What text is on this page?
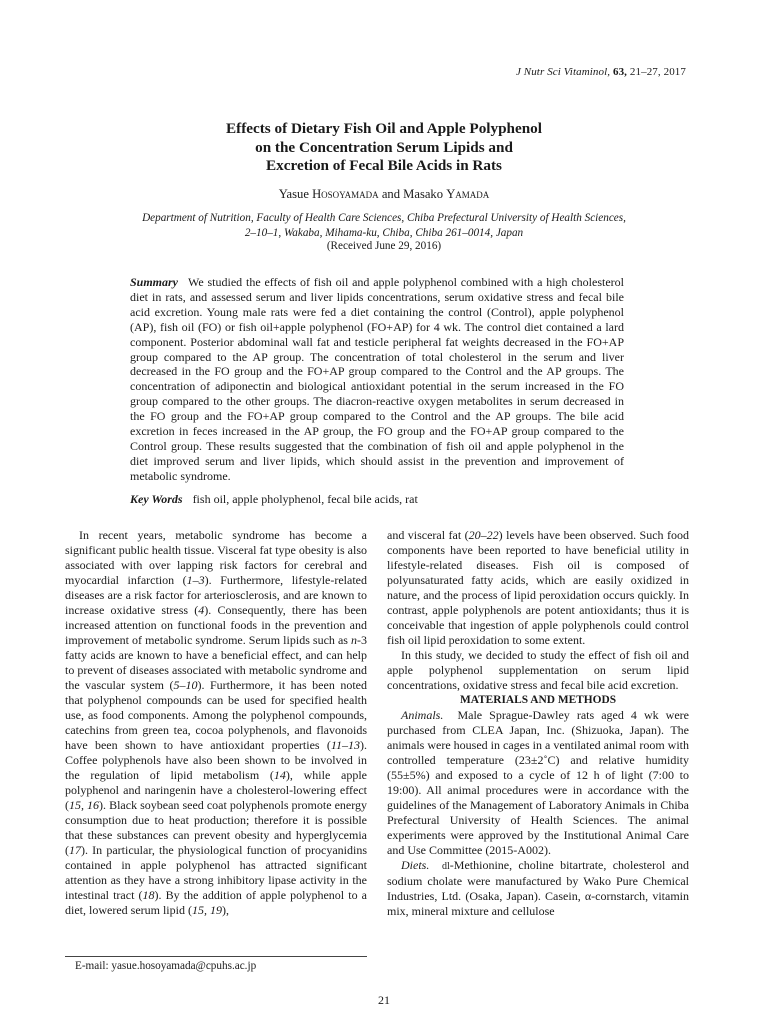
J Nutr Sci Vitaminol, 63, 21–27, 2017
Effects of Dietary Fish Oil and Apple Polyphenol
on the Concentration Serum Lipids and
Excretion of Fecal Bile Acids in Rats
Yasue Hosoyamada and Masako Yamada
Department of Nutrition, Faculty of Health Care Sciences, Chiba Prefectural University of Health Sciences,
2–10–1, Wakaba, Mihama-ku, Chiba, Chiba 261–0014, Japan
(Received June 29, 2016)
Summary We studied the effects of fish oil and apple polyphenol combined with a high cholesterol diet in rats, and assessed serum and liver lipids concentrations, serum oxidative stress and fecal bile acid excretion. Young male rats were fed a diet containing the control (Control), apple polyphenol (AP), fish oil (FO) or fish oil+apple polyphenol (FO+AP) for 4 wk. The control diet contained a lard component. Posterior abdominal wall fat and testicle peripheral fat weights decreased in the FO+AP group compared to the AP group. The concentration of total cholesterol in the serum and liver decreased in the FO group and the FO+AP group compared to the Control and the AP groups. The concentration of adiponectin and biological antioxidant potential in the serum increased in the FO group compared to the other groups. The diacron-reactive oxygen metabolites in serum decreased in the FO group and the FO+AP group compared to the Control and the AP groups. The bile acid excretion in feces increased in the AP group, the FO group and the FO+AP group compared to the Control group. These results suggested that the combination of fish oil and apple polyphenol in the diet improved serum and liver lipids, which should assist in the prevention and improvement of metabolic syndrome.
Key Words fish oil, apple pholyphenol, fecal bile acids, rat

In recent years, metabolic syndrome has become a significant public health tissue. Visceral fat type obesity is also associated with over lapping risk factors for cerebral and myocardial infarction (1–3). Furthermore, lifestyle-related diseases are a risk factor for arteriosclerosis, and are known to increase oxidative stress (4). Consequently, there has been increased attention on functional foods in the prevention and improvement of metabolic syndrome. Serum lipids such as n-3 fatty acids are known to have a beneficial effect, and can help to prevent of diseases associated with metabolic syndrome and the vascular system (5–10). Furthermore, it has been noted that polyphenol compounds can be used for specified health use, as food components. Among the polyphenol compounds, catechins from green tea, cocoa polyphenols, and flavonoids have been shown to have antioxidant properties (11–13). Coffee polyphenols have also been shown to be involved in the regulation of lipid metabolism (14), while apple polyphenol and naringenin have a cholesterol-lowering effect (15, 16). Black soybean seed coat polyphenols promote energy consumption due to heat production; therefore it is possible that these substances can prevent obesity and hyperglycemia (17). In particular, the physiological function of procyanidins contained in apple polyphenol has attracted significant attention as they have a strong inhibitory lipase activity in the intestinal tract (18). By the addition of apple polyphenol to a diet, lowered serum lipid (15, 19),

and visceral fat (20–22) levels have been observed. Such food components have been reported to have beneficial utility in lifestyle-related diseases. Fish oil is composed of polyunsaturated fatty acids, which are easily oxidized in nature, and the process of lipid peroxidation occurs quickly. In contrast, apple polyphenols are potent antioxidants; thus it is conceivable that ingestion of apple polyphenols could control fish oil lipid peroxidation to some extent.

In this study, we decided to study the effect of fish oil and apple polyphenol supplementation on serum lipid concentrations, oxidative stress and fecal bile acid excretion.

MATERIALS AND METHODS

Animals. Male Sprague-Dawley rats aged 4 wk were purchased from CLEA Japan, Inc. (Shizuoka, Japan). The animals were housed in cages in a ventilated animal room with controlled temperature (23±2˚C) and relative humidity (55±5%) and exposed to a cycle of 12 h of light (7:00 to 19:00). All animal procedures were in accordance with the guidelines of the Management of Laboratory Animals in Chiba Prefectural University of Health Sciences. The animal experiments were approved by the Institutional Animal Care and Use Committee (2015-A002).

Diets. dl-Methionine, choline bitartrate, cholesterol and sodium cholate were manufactured by Wako Pure Chemical Industries, Ltd. (Osaka, Japan). Casein, α-cornstarch, vitamin mix, mineral mixture and cellulose

E-mail: yasue.hosoyamada@cpuhs.ac.jp
21
